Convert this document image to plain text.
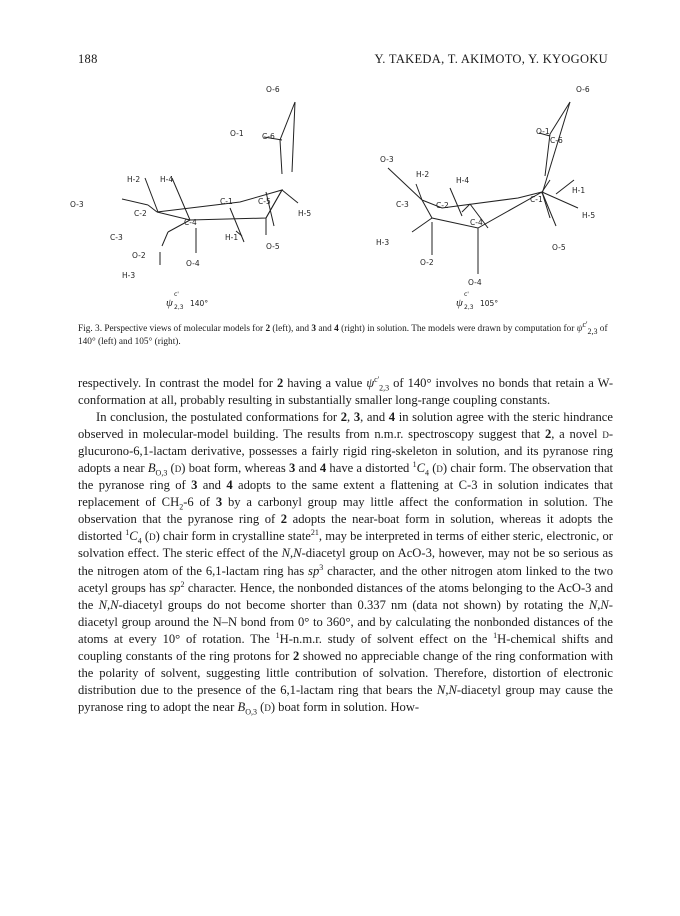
188	Y. TAKEDA, T. AKIMOTO, Y. KYOGOKU
O-6
O-1 C-6
H-2	H-4
O-3
C-2
C-1	C-5
H-5
C-4
H-1
C-3
O-5
O-2
O-4
H-3
ψ
c'
2,3 140°
O-6
O-1
C-6
O-3
H-2
H-4
H-1
C-1
C-3	C-2
H-5
C-4
H-3
O-5
O-2
O-4
ψ
c'
2,3 105°
Fig. 3. Perspective views of molecular models for 2 (left), and 3 and 4 (right) in solution. The models were drawn by computation for $\psi^{c'}_{2,3}$ of 140° (left) and 105° (right).

respectively. In contrast the model for 2 having a value $\psi^{c'}_{2,3}$ of 140° involves no bonds that retain a W-conformation at all, probably resulting in substantially smaller long-range coupling constants.

In conclusion, the postulated conformations for 2, 3, and 4 in solution agree with the steric hindrance observed in molecular-model building. The results from n.m.r. spectroscopy suggest that 2, a novel d-glucurono-6,1-lactam derivative, possesses a fairly rigid ring-skeleton in solution, and its pyranose ring adopts a near $B_{O,3}$ (d) boat form, whereas 3 and 4 have a distorted $^1C_4$ (d) chair form. The observation that the pyranose ring of 3 and 4 adopts to the same extent a flattening at C-3 in solution indicates that replacement of $CH_2-6$ of 3 by a carbonyl group may little affect the conformation in solution. The observation that the pyranose ring of 2 adopts the near-boat form in solution, whereas it adopts the distorted $^1C_4$ (d) chair form in crystalline state$^{21}$, may be interpreted in terms of either steric, electronic, or solvation effect. The steric effect of the N,N-diacetyl group on AcO-3, however, may not be so serious as the nitrogen atom of the 6,1-lactam ring has $sp^3$ character, and the other nitrogen atom linked to the two acetyl groups has $sp^2$ character. Hence, the nonbonded distances of the atoms belonging to the AcO-3 and the N,N-diacetyl groups do not become shorter than 0.337 nm (data not shown) by rotating the N,N-diacetyl group around the N–N bond from 0° to 360°, and by calculating the nonbonded distances of the atoms at every 10° of rotation. The $^1$H-n.m.r. study of solvent effect on the $^1$H-chemical shifts and coupling constants of the ring protons for 2 showed no appreciable change of the ring conformation with the polarity of solvent, suggesting little contribution of solvation. Therefore, distortion of electronic distribution due to the presence of the 6,1-lactam ring that bears the N,N-diacetyl group may cause the pyranose ring to adopt the near $B_{O,3}$ (d) boat form in solution. How-
